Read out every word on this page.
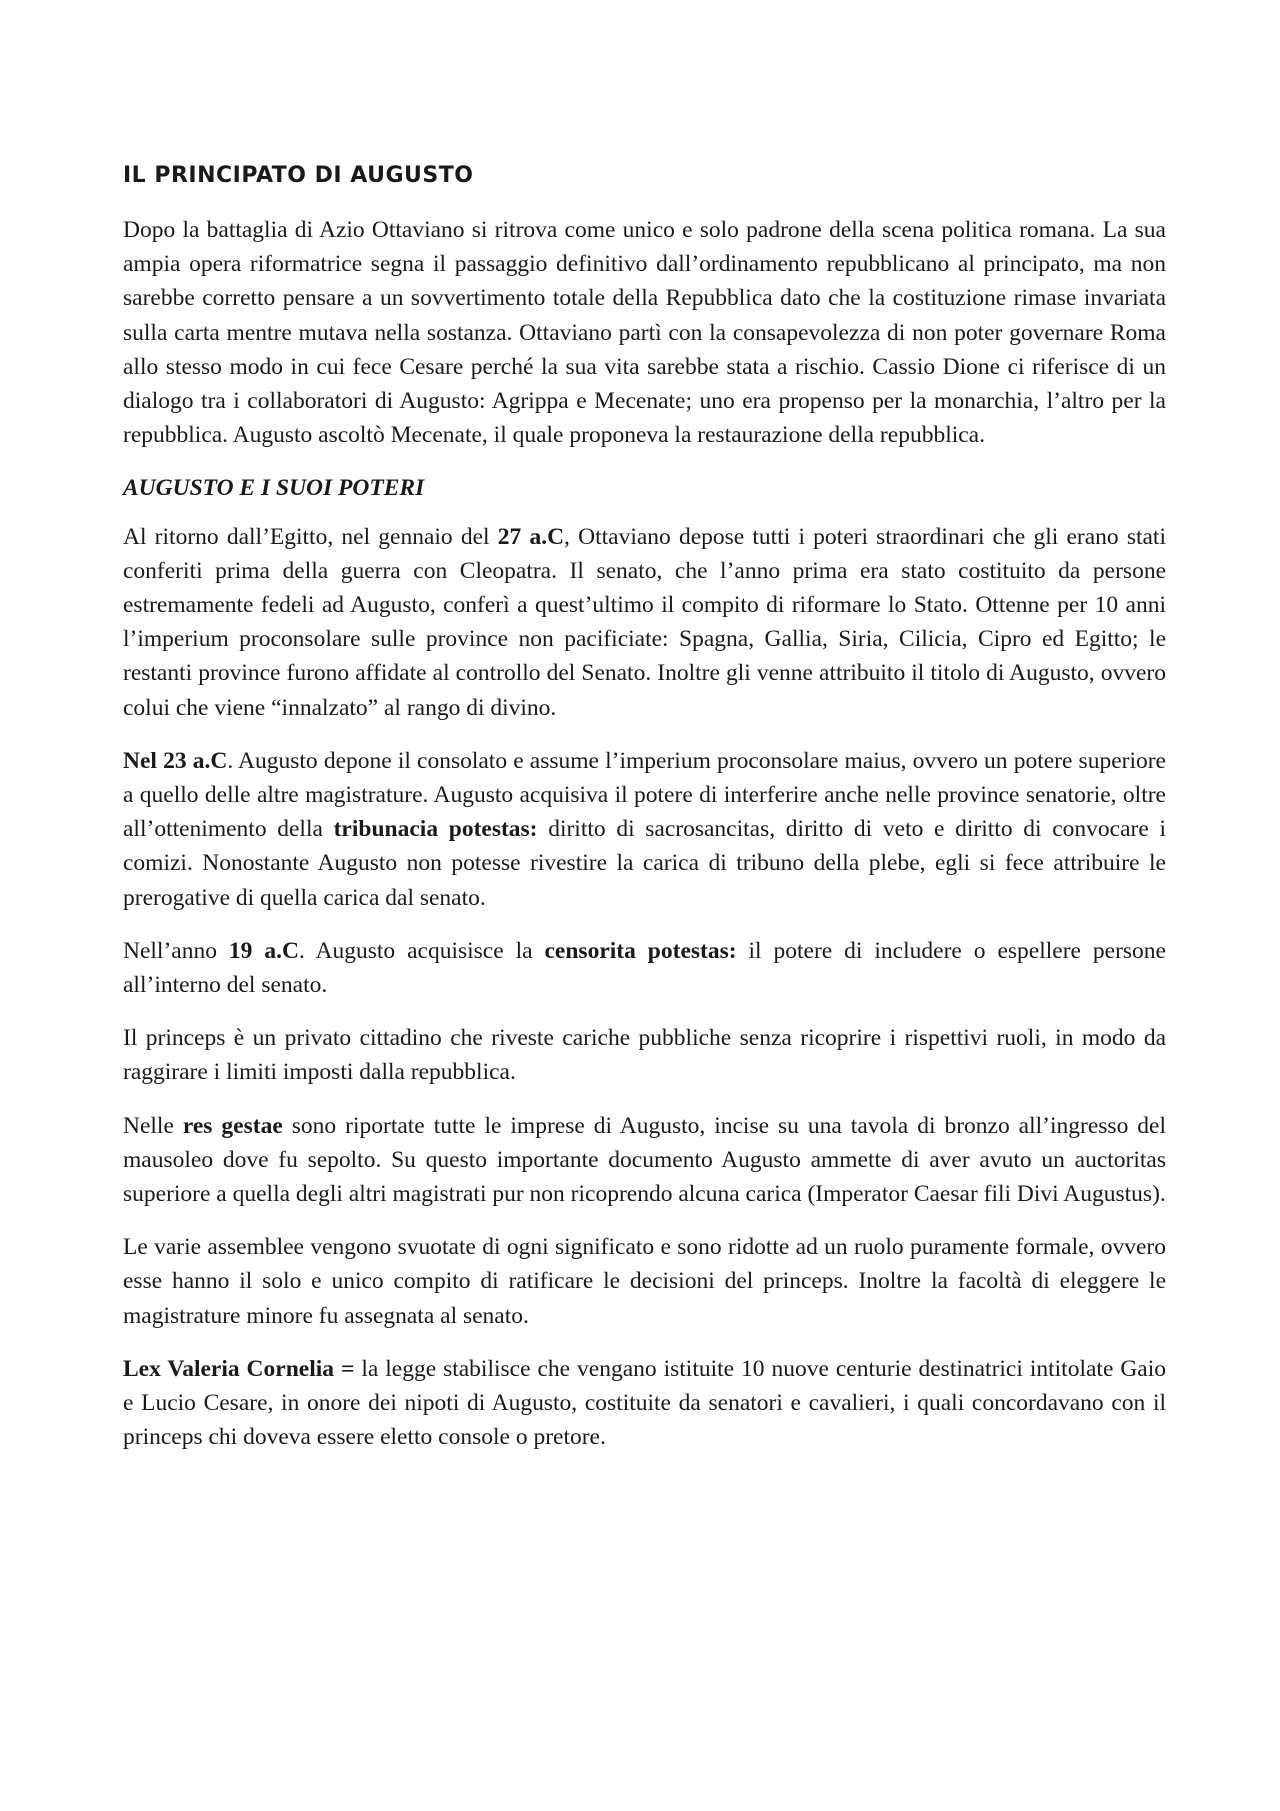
IL PRINCIPATO DI AUGUSTO

Dopo la battaglia di Azio Ottaviano si ritrova come unico e solo padrone della scena politica romana. La sua ampia opera riformatrice segna il passaggio definitivo dall’ordinamento repubblicano al principato, ma non sarebbe corretto pensare a un sovvertimento totale della Repubblica dato che la costituzione rimase invariata sulla carta mentre mutava nella sostanza. Ottaviano partì con la consapevolezza di non poter governare Roma allo stesso modo in cui fece Cesare perché la sua vita sarebbe stata a rischio. Cassio Dione ci riferisce di un dialogo tra i collaboratori di Augusto: Agrippa e Mecenate; uno era propenso per la monarchia, l’altro per la repubblica. Augusto ascoltò Mecenate, il quale proponeva la restaurazione della repubblica.

AUGUSTO E I SUOI POTERI

Al ritorno dall’Egitto, nel gennaio del 27 a.C, Ottaviano depose tutti i poteri straordinari che gli erano stati conferiti prima della guerra con Cleopatra. Il senato, che l’anno prima era stato costituito da persone estremamente fedeli ad Augusto, conferì a quest’ultimo il compito di riformare lo Stato. Ottenne per 10 anni l’imperium proconsolare sulle province non pacificiate: Spagna, Gallia, Siria, Cilicia, Cipro ed Egitto; le restanti province furono affidate al controllo del Senato. Inoltre gli venne attribuito il titolo di Augusto, ovvero colui che viene “innalzato” al rango di divino.

Nel 23 a.C. Augusto depone il consolato e assume l’imperium proconsolare maius, ovvero un potere superiore a quello delle altre magistrature. Augusto acquisiva il potere di interferire anche nelle province senatorie, oltre all’ottenimento della tribunacia potestas: diritto di sacrosancitas, diritto di veto e diritto di convocare i comizi. Nonostante Augusto non potesse rivestire la carica di tribuno della plebe, egli si fece attribuire le prerogative di quella carica dal senato.

Nell’anno 19 a.C. Augusto acquisisce la censorita potestas: il potere di includere o espellere persone all’interno del senato.

Il princeps è un privato cittadino che riveste cariche pubbliche senza ricoprire i rispettivi ruoli, in modo da raggirare i limiti imposti dalla repubblica.

Nelle res gestae sono riportate tutte le imprese di Augusto, incise su una tavola di bronzo all’ingresso del mausoleo dove fu sepolto. Su questo importante documento Augusto ammette di aver avuto un auctoritas superiore a quella degli altri magistrati pur non ricoprendo alcuna carica (Imperator Caesar fili Divi Augustus).

Le varie assemblee vengono svuotate di ogni significato e sono ridotte ad un ruolo puramente formale, ovvero esse hanno il solo e unico compito di ratificare le decisioni del princeps. Inoltre la facoltà di eleggere le magistrature minore fu assegnata al senato.

Lex Valeria Cornelia = la legge stabilisce che vengano istituite 10 nuove centurie destinatrici intitolate Gaio e Lucio Cesare, in onore dei nipoti di Augusto, costituite da senatori e cavalieri, i quali concordavano con il princeps chi doveva essere eletto console o pretore.
